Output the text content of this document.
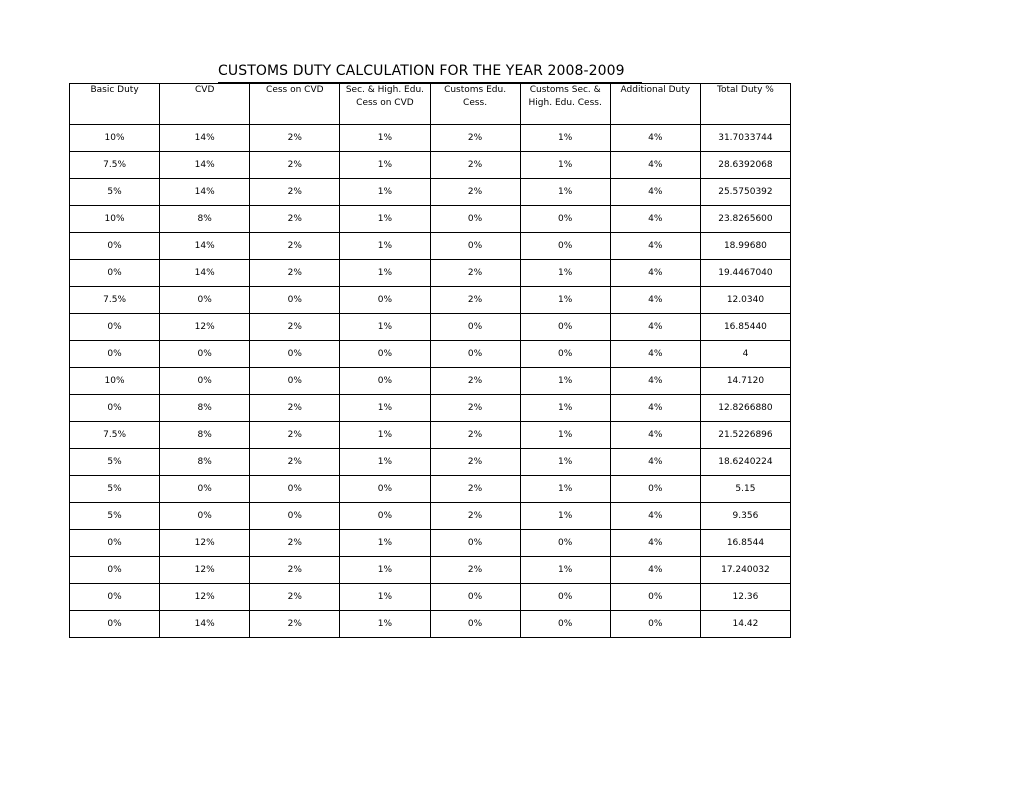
CUSTOMS DUTY CALCULATION FOR THE YEAR 2008-2009
Basic Duty	CVD	Cess on CVD	Sec. & High. Edu. Cess on CVD	Customs Edu. Cess.	Customs Sec. & High. Edu. Cess.	Additional Duty	Total Duty %
10%	14%	2%	1%	2%	1%	4%	31.7033744
7.5%	14%	2%	1%	2%	1%	4%	28.6392068
5%	14%	2%	1%	2%	1%	4%	25.5750392
10%	8%	2%	1%	0%	0%	4%	23.8265600
0%	14%	2%	1%	0%	0%	4%	18.99680
0%	14%	2%	1%	2%	1%	4%	19.4467040
7.5%	0%	0%	0%	2%	1%	4%	12.0340
0%	12%	2%	1%	0%	0%	4%	16.85440
0%	0%	0%	0%	0%	0%	4%	4
10%	0%	0%	0%	2%	1%	4%	14.7120
0%	8%	2%	1%	2%	1%	4%	12.8266880
7.5%	8%	2%	1%	2%	1%	4%	21.5226896
5%	8%	2%	1%	2%	1%	4%	18.6240224
5%	0%	0%	0%	2%	1%	0%	5.15
5%	0%	0%	0%	2%	1%	4%	9.356
0%	12%	2%	1%	0%	0%	4%	16.8544
0%	12%	2%	1%	2%	1%	4%	17.240032
0%	12%	2%	1%	0%	0%	0%	12.36
0%	14%	2%	1%	0%	0%	0%	14.42
